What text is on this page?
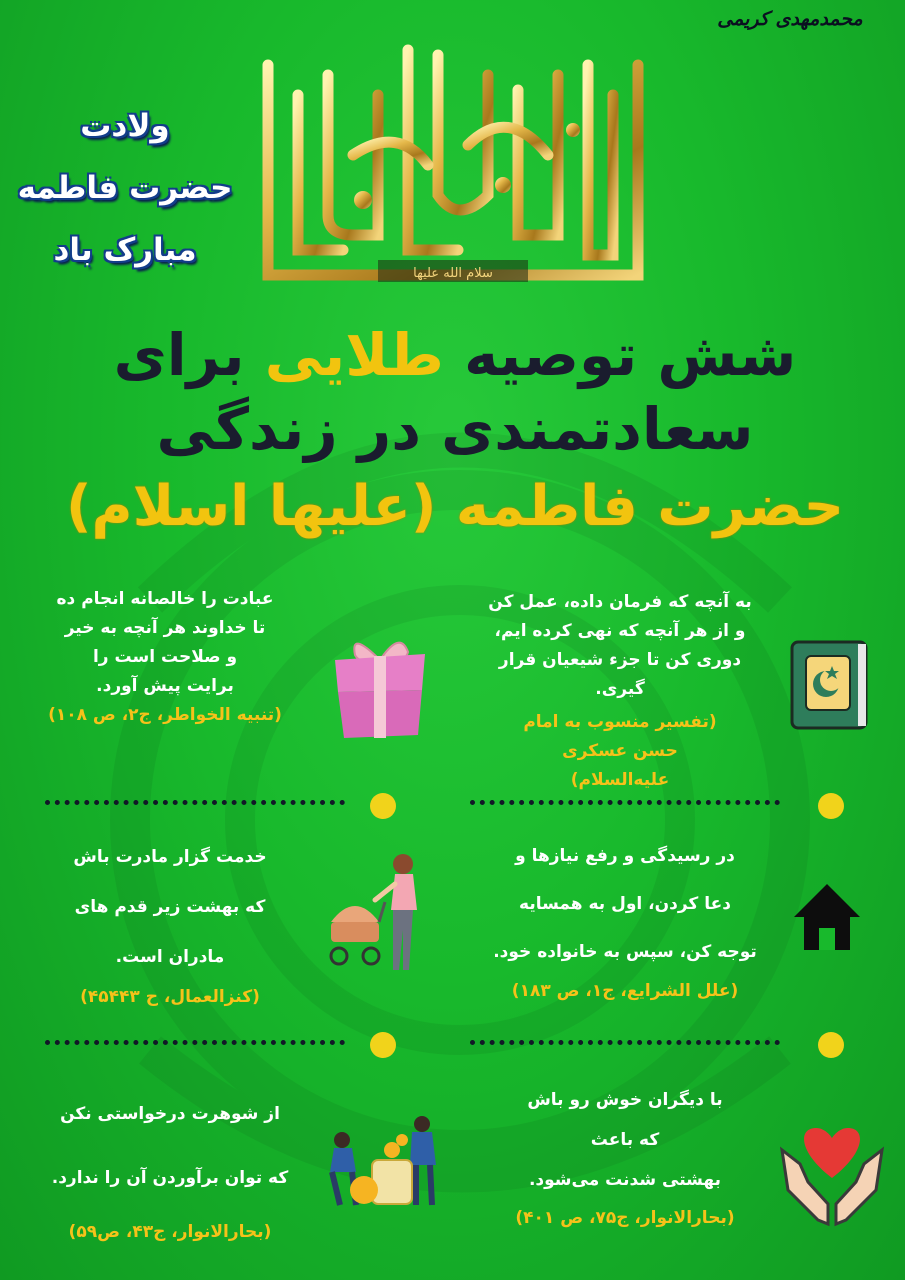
محمدمهدی کریمی
ولادت
حضرت فاطمه
مبارک باد
سلام الله علیها
شش توصیه طلایی برای
سعادتمندی در زندگی
حضرت فاطمه (علیها اسلام)
به آنچه که فرمان داده، عمل کن
و از هر آنچه که نهی کرده ایم،
دوری کن تا جزء شیعیان قرار
گیری.
(تفسیر منسوب به امام حسن عسکری علیه‌السلام)
عبادت را خالصانه انجام ده
تا خداوند هر آنچه به خیر
و صلاحت است را
برایت پیش آورد.
(تنبیه الخواطر، ج۲، ص ۱۰۸)
در رسیدگی و رفع نیازها و
دعا کردن، اول به همسایه
توجه کن، سپس به خانواده خود.
(علل الشرایع، ج۱، ص ۱۸۳)
خدمت گزار مادرت باش
که بهشت زیر قدم های
مادران است.
(کنزالعمال، ح ۴۵۴۴۳)
با دیگران خوش رو باش
که باعث
بهشتی شدنت می‌شود.
(بحارالانوار، ج۷۵، ص ۴۰۱)
از شوهرت درخواستی نکن
که توان برآوردن آن را ندارد.
(بحارالانوار، ج۴۳، ص۵۹)
